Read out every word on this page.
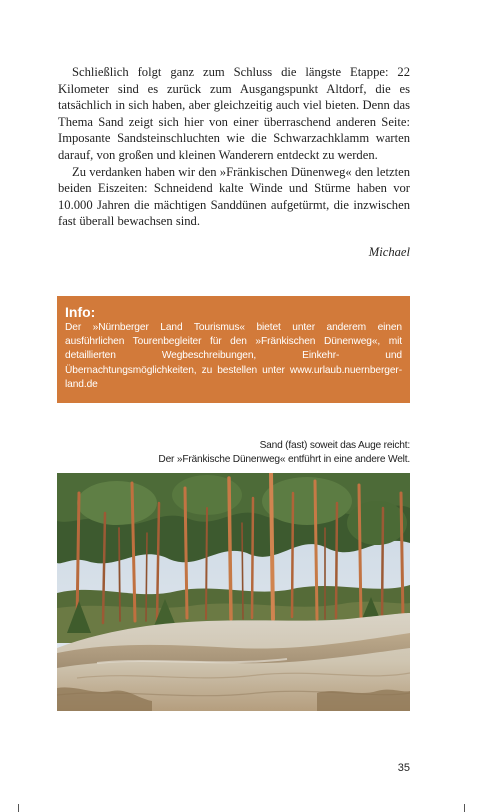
Schließlich folgt ganz zum Schluss die längste Etappe: 22 Kilometer sind es zurück zum Ausgangspunkt Altdorf, die es tatsächlich in sich haben, aber gleichzeitig auch viel bieten. Denn das Thema Sand zeigt sich hier von einer überraschend anderen Seite: Imposante Sandsteinschluchten wie die Schwarzachklamm warten darauf, von großen und kleinen Wanderern entdeckt zu werden.

Zu verdanken haben wir den »Fränkischen Dünenweg« den letzten beiden Eiszeiten: Schneidend kalte Winde und Stürme haben vor 10.000 Jahren die mächtigen Sanddünen aufgetürmt, die inzwischen fast überall bewachsen sind.

Michael
Info:

Der »Nürnberger Land Tourismus« bietet unter anderem einen ausführlichen Tourenbegleiter für den »Fränkischen Dünenweg«, mit detaillierten Wegbeschreibungen, Einkehr- und Übernachtungsmöglichkeiten, zu bestellen unter www.urlaub.nuernberger-land.de

Sand (fast) soweit das Auge reicht:
Der »Fränkische Dünenweg« entführt in eine andere Welt.
35
